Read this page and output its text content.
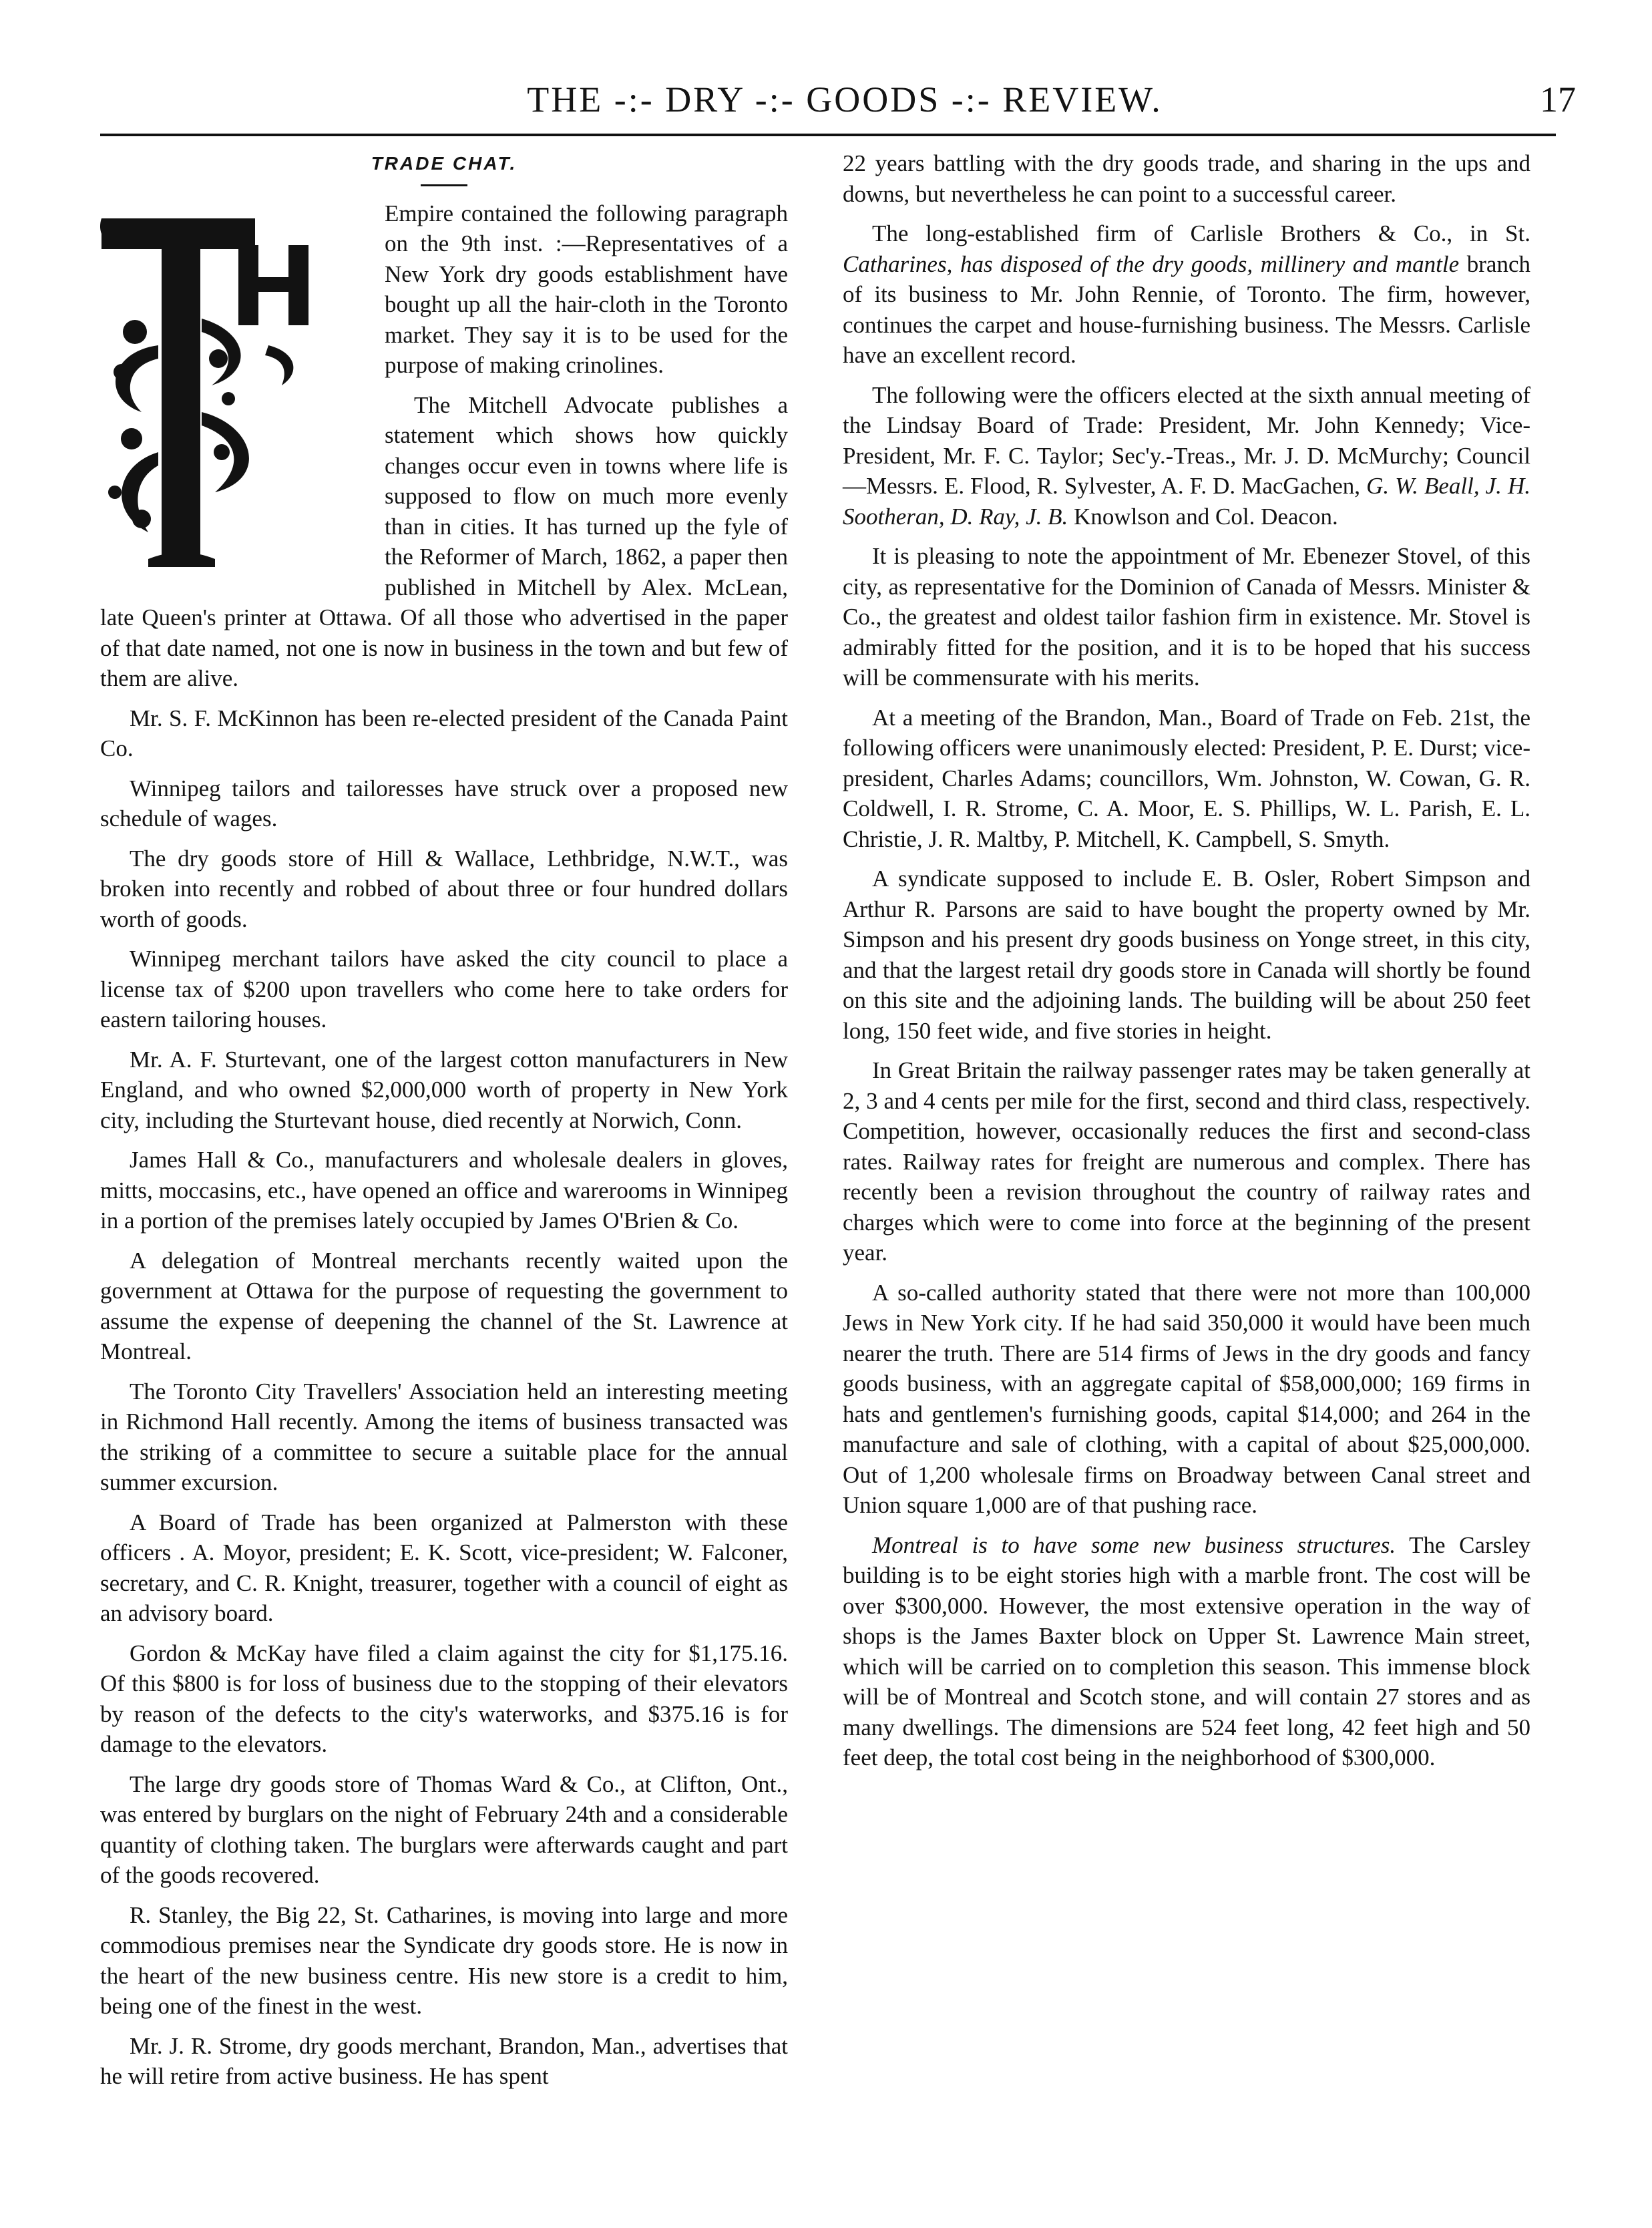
THE -:- DRY -:- GOODS -:- REVIEW.	17
TRADE CHAT.

Empire contained the following paragraph on the 9th inst. :—Representatives of a New York dry goods establishment have bought up all the hair-cloth in the Toronto market. They say it is to be used for the purpose of making crinolines.

The Mitchell Advocate publishes a statement which shows how quickly changes occur even in towns where life is supposed to flow on much more evenly than in cities. It has turned up the fyle of the Reformer of March, 1862, a paper then published in Mitchell by Alex. McLean, late Queen's printer at Ottawa. Of all those who advertised in the paper of that date named, not one is now in business in the town and but few of them are alive.

Mr. S. F. McKinnon has been re-elected president of the Canada Paint Co.

Winnipeg tailors and tailoresses have struck over a proposed new schedule of wages.

The dry goods store of Hill & Wallace, Lethbridge, N.W.T., was broken into recently and robbed of about three or four hundred dollars worth of goods.

Winnipeg merchant tailors have asked the city council to place a license tax of $200 upon travellers who come here to take orders for eastern tailoring houses.

Mr. A. F. Sturtevant, one of the largest cotton manufacturers in New England, and who owned $2,000,000 worth of property in New York city, including the Sturtevant house, died recently at Norwich, Conn.

James Hall & Co., manufacturers and wholesale dealers in gloves, mitts, moccasins, etc., have opened an office and warerooms in Winnipeg in a portion of the premises lately occupied by James O'Brien & Co.

A delegation of Montreal merchants recently waited upon the government at Ottawa for the purpose of requesting the government to assume the expense of deepening the channel of the St. Lawrence at Montreal.

The Toronto City Travellers' Association held an interesting meeting in Richmond Hall recently. Among the items of business transacted was the striking of a committee to secure a suitable place for the annual summer excursion.

A Board of Trade has been organized at Palmerston with these officers . A. Moyor, president; E. K. Scott, vice-president; W. Falconer, secretary, and C. R. Knight, treasurer, together with a council of eight as an advisory board.

Gordon & McKay have filed a claim against the city for $1,175.16. Of this $800 is for loss of business due to the stopping of their elevators by reason of the defects to the city's waterworks, and $375.16 is for damage to the elevators.

The large dry goods store of Thomas Ward & Co., at Clifton, Ont., was entered by burglars on the night of February 24th and a considerable quantity of clothing taken. The burglars were afterwards caught and part of the goods recovered.

R. Stanley, the Big 22, St. Catharines, is moving into large and more commodious premises near the Syndicate dry goods store. He is now in the heart of the new business centre. His new store is a credit to him, being one of the finest in the west.

Mr. J. R. Strome, dry goods merchant, Brandon, Man., advertises that he will retire from active business. He has spent

22 years battling with the dry goods trade, and sharing in the ups and downs, but nevertheless he can point to a successful career.

The long-established firm of Carlisle Brothers & Co., in St. Catharines, has disposed of the dry goods, millinery and mantle branch of its business to Mr. John Rennie, of Toronto. The firm, however, continues the carpet and house-furnishing business. The Messrs. Carlisle have an excellent record.

The following were the officers elected at the sixth annual meeting of the Lindsay Board of Trade: President, Mr. John Kennedy; Vice-President, Mr. F. C. Taylor; Sec'y.-Treas., Mr. J. D. McMurchy; Council—Messrs. E. Flood, R. Sylvester, A. F. D. MacGachen, G. W. Beall, J. H. Sootheran, D. Ray, J. B. Knowlson and Col. Deacon.

It is pleasing to note the appointment of Mr. Ebenezer Stovel, of this city, as representative for the Dominion of Canada of Messrs. Minister & Co., the greatest and oldest tailor fashion firm in existence. Mr. Stovel is admirably fitted for the position, and it is to be hoped that his success will be commensurate with his merits.

At a meeting of the Brandon, Man., Board of Trade on Feb. 21st, the following officers were unanimously elected: President, P. E. Durst; vice-president, Charles Adams; councillors, Wm. Johnston, W. Cowan, G. R. Coldwell, I. R. Strome, C. A. Moor, E. S. Phillips, W. L. Parish, E. L. Christie, J. R. Maltby, P. Mitchell, K. Campbell, S. Smyth.

A syndicate supposed to include E. B. Osler, Robert Simpson and Arthur R. Parsons are said to have bought the property owned by Mr. Simpson and his present dry goods business on Yonge street, in this city, and that the largest retail dry goods store in Canada will shortly be found on this site and the adjoining lands. The building will be about 250 feet long, 150 feet wide, and five stories in height.

In Great Britain the railway passenger rates may be taken generally at 2, 3 and 4 cents per mile for the first, second and third class, respectively. Competition, however, occasionally reduces the first and second-class rates. Railway rates for freight are numerous and complex. There has recently been a revision throughout the country of railway rates and charges which were to come into force at the beginning of the present year.

A so-called authority stated that there were not more than 100,000 Jews in New York city. If he had said 350,000 it would have been much nearer the truth. There are 514 firms of Jews in the dry goods and fancy goods business, with an aggregate capital of $58,000,000; 169 firms in hats and gentlemen's furnishing goods, capital $14,000; and 264 in the manufacture and sale of clothing, with a capital of about $25,000,000. Out of 1,200 wholesale firms on Broadway between Canal street and Union square 1,000 are of that pushing race.

Montreal is to have some new business structures. The Carsley building is to be eight stories high with a marble front. The cost will be over $300,000. However, the most extensive operation in the way of shops is the James Baxter block on Upper St. Lawrence Main street, which will be carried on to completion this season. This immense block will be of Montreal and Scotch stone, and will contain 27 stores and as many dwellings. The dimensions are 524 feet long, 42 feet high and 50 feet deep, the total cost being in the neighborhood of $300,000.
